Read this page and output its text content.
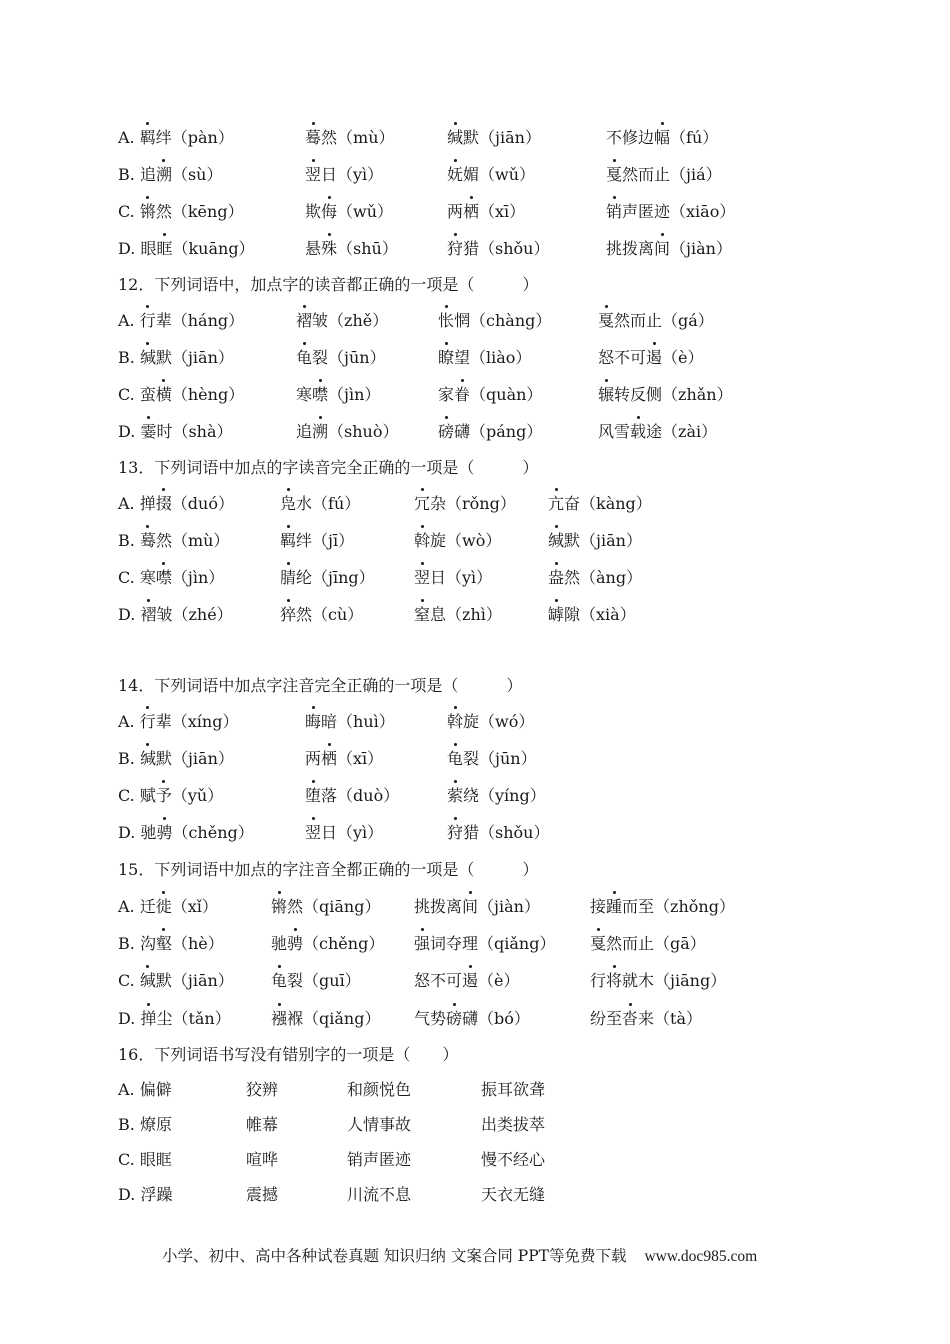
A. 羁绊（pàn）	蓦然（mù）	缄默（jiān）	不修边幅（fú）
B. 追溯（sù）	翌日（yì）	妩媚（wǔ）	戛然而止（jiá）
C. 锵然（kēng）	欺侮（wǔ）	两栖（xī）	销声匿迹（xiāo）
D. 眼眶（kuāng）	悬殊（shū）	狩猎（shǒu）	挑拨离间（jiàn）
12．下列词语中，加点字的读音都正确的一项是（　　　）
A. 行辈（háng）	褶皱（zhě）	怅惘（chàng）	戛然而止（gá）
B. 缄默（jiān）	龟裂（jūn）	瞭望（liào）	怒不可遏（è）
C. 蛮横（hèng）	寒噤（jìn）	家眷（quàn）	辗转反侧（zhǎn）
D. 霎时（shà）	追溯（shuò） 磅礴（páng）	风雪载途（zài）
13．下列词语中加点的字读音完全正确的一项是（　　　）
A. 掸掇（duó）	凫水（fú）	冗杂（rǒng） 亢奋（kàng）
B. 蓦然（mù）	羁绊（jī）	斡旋（wò）	缄默（jiān）
C. 寒噤（jìn）	腈纶（jīng） 翌日（yì）	盎然（àng）
D. 褶皱（zhé）	猝然（cù）	窒息（zhì）	罅隙（xià）
14．下列词语中加点字注音完全正确的一项是（　　　）
A. 行辈（xíng）	晦暗（huì）	斡旋（wó）
B. 缄默（jiān）	两栖（xī）	龟裂（jūn）
C. 赋予（yǔ）	堕落（duò）	萦绕（yíng）
D. 驰骋（chěng）	翌日（yì）	狩猎（shǒu）
15．下列词语中加点的字注音全都正确的一项是（　　　）
A. 迁徙（xǐ）	锵然（qiāng） 挑拨离间（jiàn）	接踵而至（zhǒng）
B. 沟壑（hè）	驰骋（chěng） 强词夺理（qiǎng） 戛然而止（gā）
C. 缄默（jiān） 龟裂（guī）	怒不可遏（è）	行将就木（jiāng）
D. 掸尘（tǎn）	襁褓（qiǎng） 气势磅礴（bó）	纷至沓来（tà）
16．下列词语书写没有错别字的一项是（　　）
A. 偏僻	狡辨	和颜悦色	振耳欲聋
B. 燎原	帷幕	人情事故	出类拔萃
C. 眼眶	喧哗	销声匿迹	慢不经心
D. 浮躁	震撼	川流不息	天衣无缝
小学、初中、高中各种试卷真题 知识归纳 文案合同 PPT等免费下载 www.doc985.com
